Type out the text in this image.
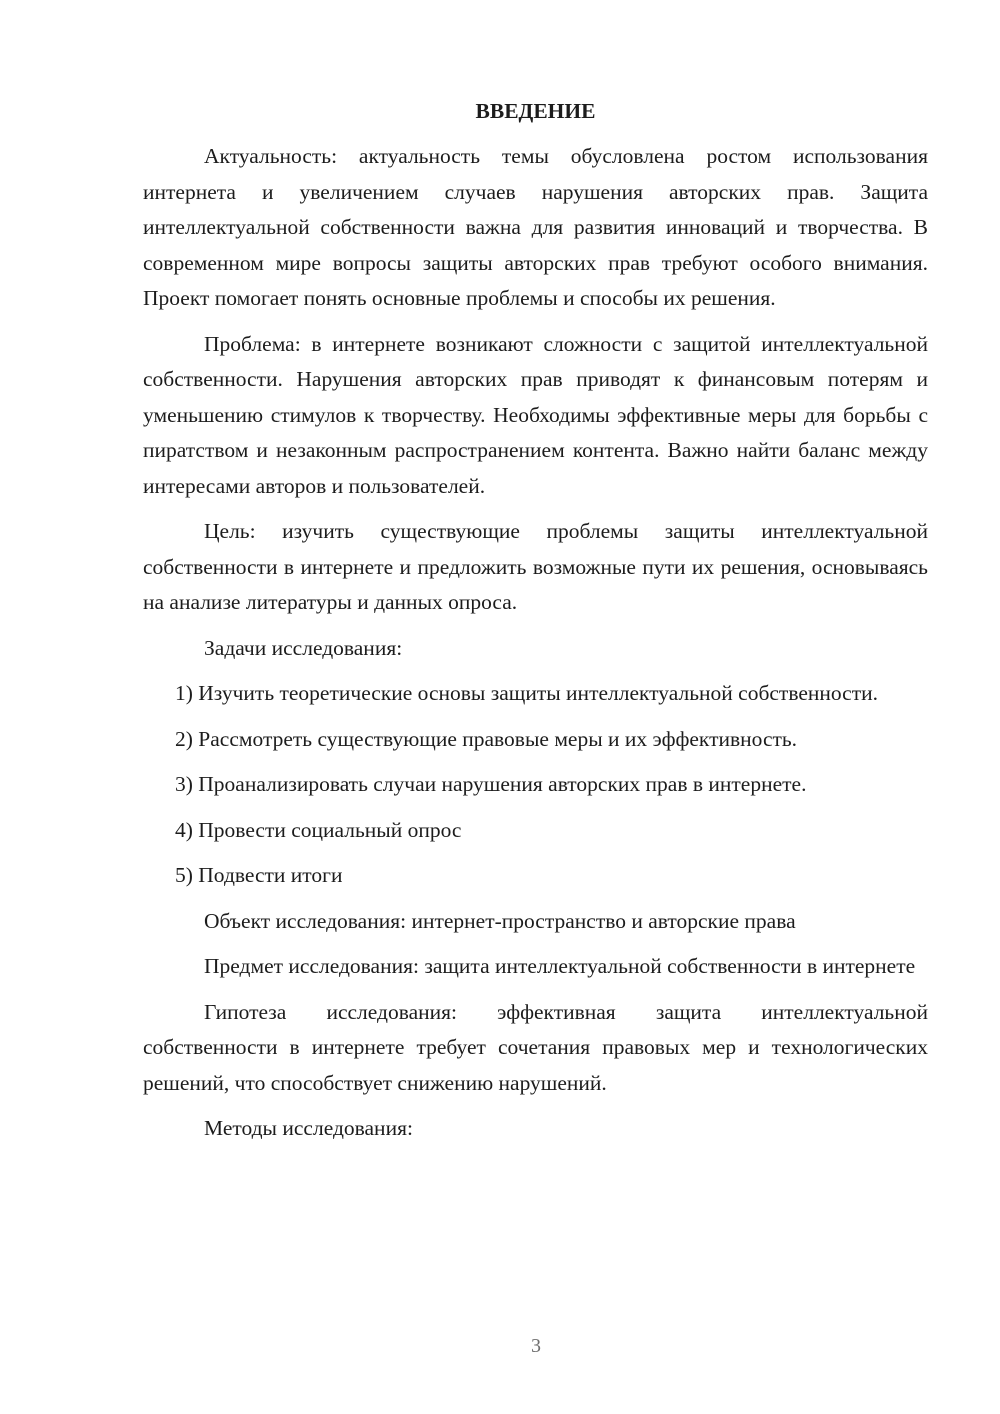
ВВЕДЕНИЕ

Актуальность: актуальность темы обусловлена ростом использования интернета и увеличением случаев нарушения авторских прав. Защита интеллектуальной собственности важна для развития инноваций и творчества. В современном мире вопросы защиты авторских прав требуют особого внимания. Проект помогает понять основные проблемы и способы их решения.

Проблема: в интернете возникают сложности с защитой интеллектуальной собственности. Нарушения авторских прав приводят к финансовым потерям и уменьшению стимулов к творчеству. Необходимы эффективные меры для борьбы с пиратством и незаконным распространением контента. Важно найти баланс между интересами авторов и пользователей.

Цель: изучить существующие проблемы защиты интеллектуальной собственности в интернете и предложить возможные пути их решения, основываясь на анализе литературы и данных опроса.

Задачи исследования:

1) Изучить теоретические основы защиты интеллектуальной собственности.

2) Рассмотреть существующие правовые меры и их эффективность.

3) Проанализировать случаи нарушения авторских прав в интернете.

4) Провести социальный опрос

5) Подвести итоги

Объект исследования: интернет-пространство и авторские права

Предмет исследования: защита интеллектуальной собственности в интернете

Гипотеза исследования: эффективная защита интеллектуальной собственности в интернете требует сочетания правовых мер и технологических решений, что способствует снижению нарушений.

Методы исследования:

3
